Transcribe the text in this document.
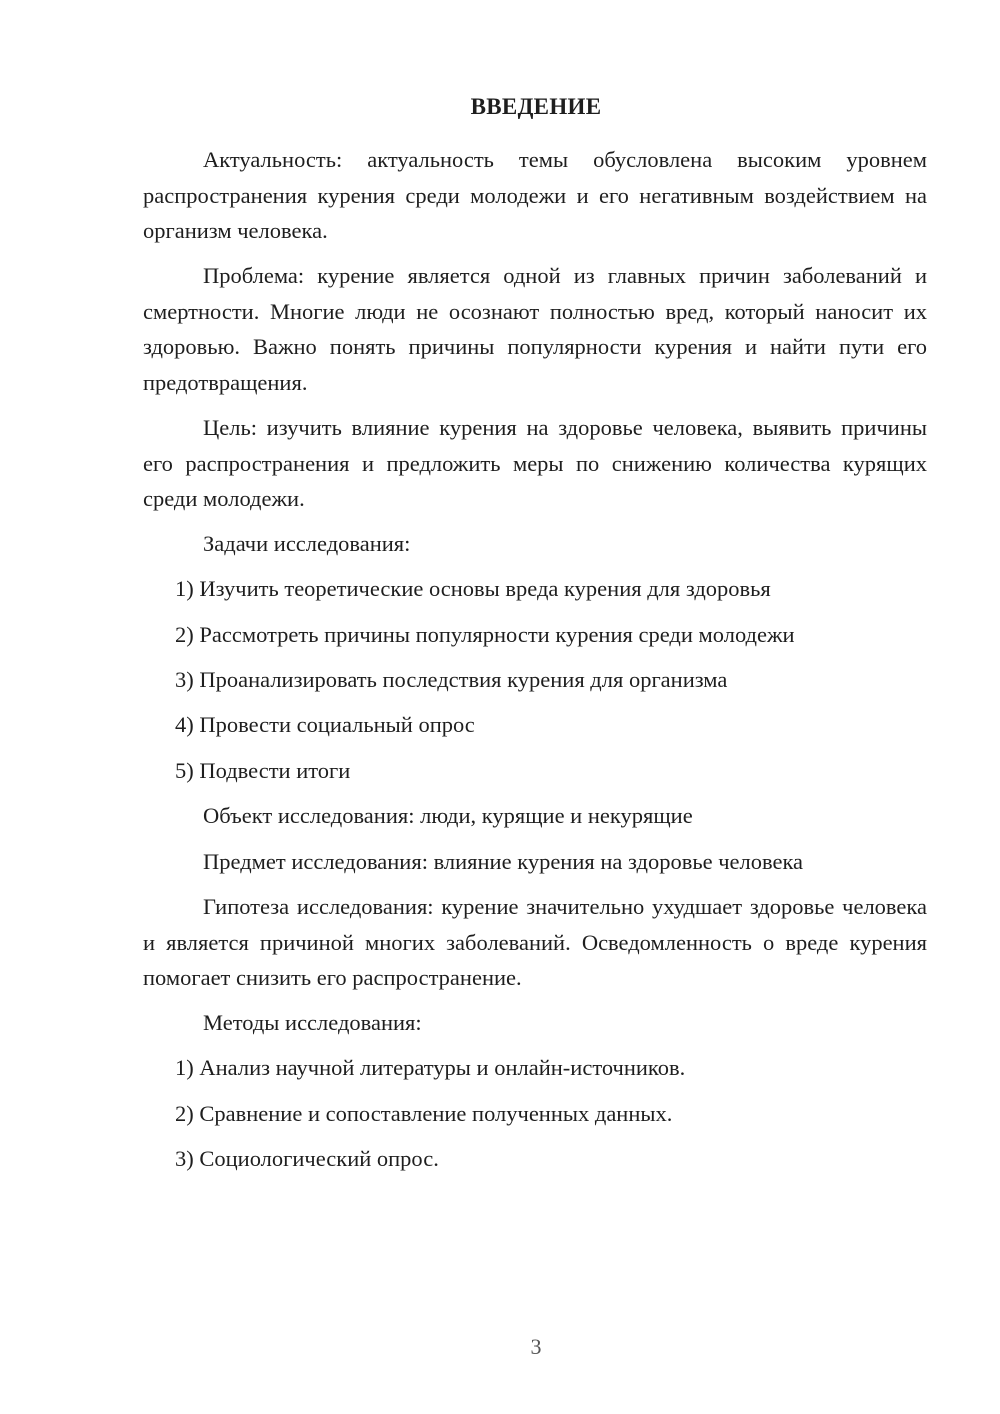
ВВЕДЕНИЕ

Актуальность: актуальность темы обусловлена высоким уровнем распространения курения среди молодежи и его негативным воздействием на организм человека.

Проблема: курение является одной из главных причин заболеваний и смертности. Многие люди не осознают полностью вред, который наносит их здоровью. Важно понять причины популярности курения и найти пути его предотвращения.

Цель: изучить влияние курения на здоровье человека, выявить причины его распространения и предложить меры по снижению количества курящих среди молодежи.

Задачи исследования:

1) Изучить теоретические основы вреда курения для здоровья

2) Рассмотреть причины популярности курения среди молодежи

3) Проанализировать последствия курения для организма

4) Провести социальный опрос

5) Подвести итоги

Объект исследования: люди, курящие и некурящие

Предмет исследования: влияние курения на здоровье человека

Гипотеза исследования: курение значительно ухудшает здоровье человека и является причиной многих заболеваний. Осведомленность о вреде курения помогает снизить его распространение.

Методы исследования:

1) Анализ научной литературы и онлайн-источников.

2) Сравнение и сопоставление полученных данных.

3) Социологический опрос.

3
